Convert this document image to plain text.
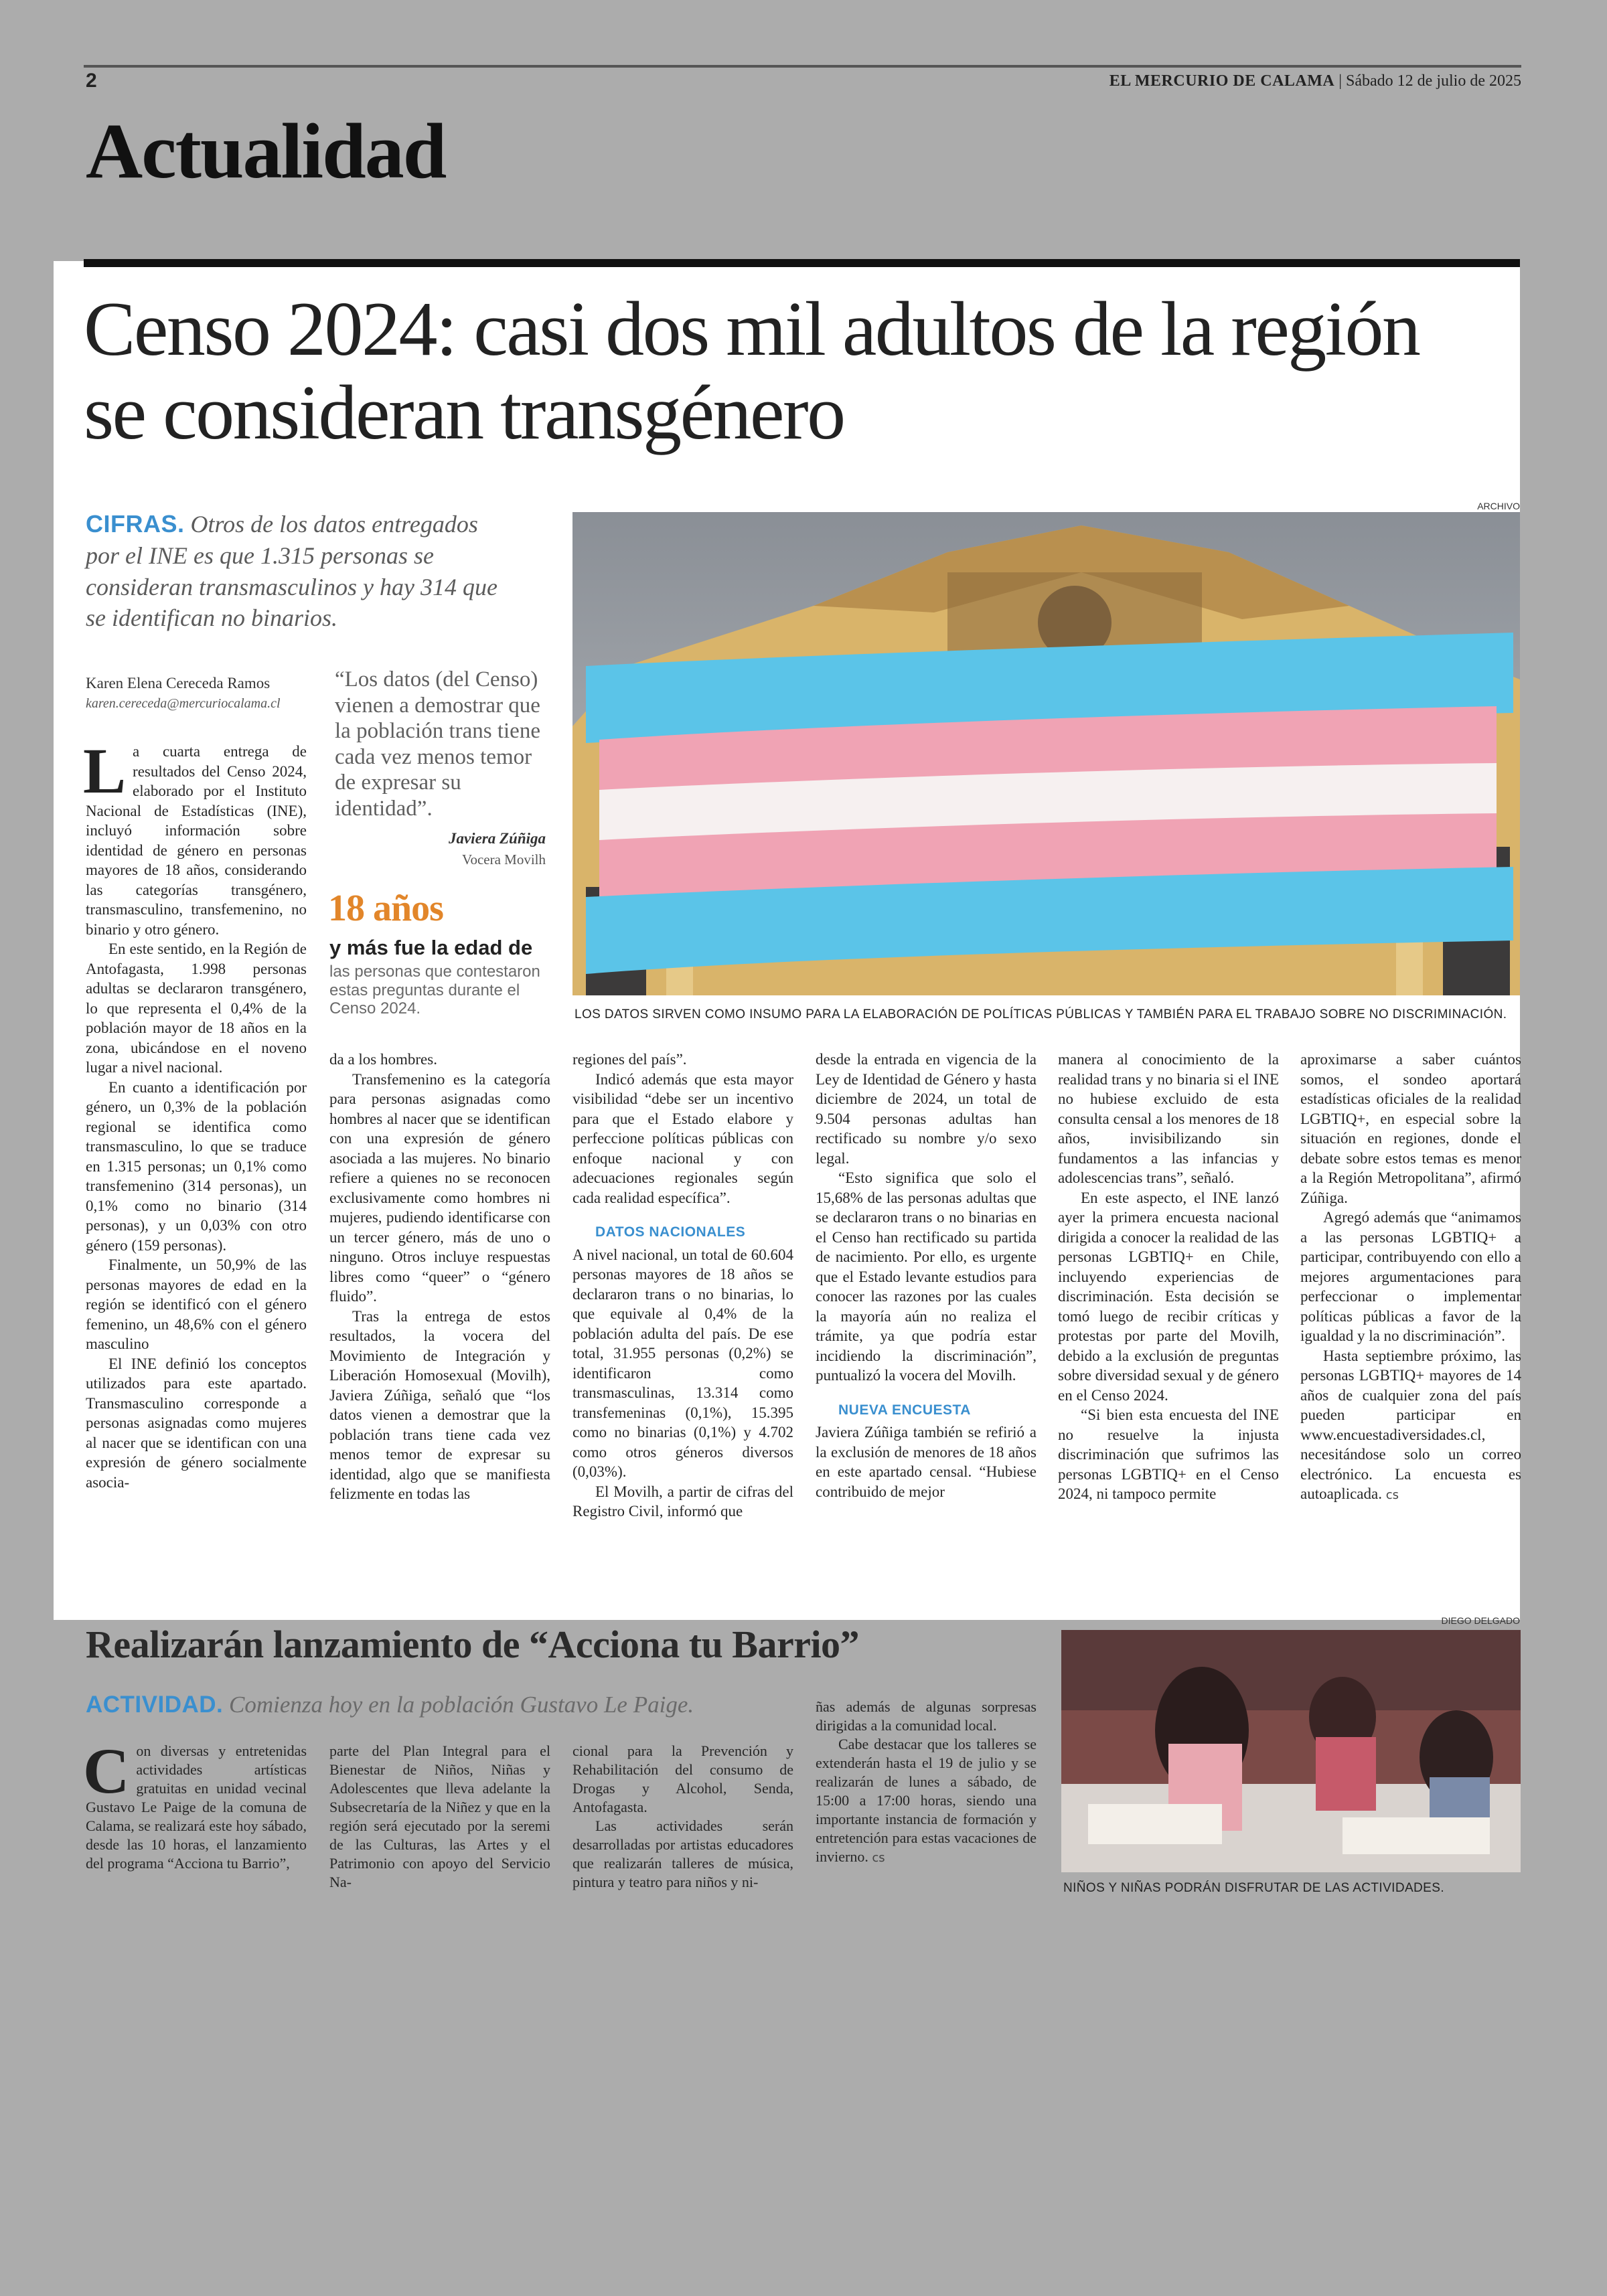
2	EL MERCURIO DE CALAMA | Sábado 12 de julio de 2025
Actualidad
Censo 2024: casi dos mil adultos de la región se consideran transgénero
CIFRAS. Otros de los datos entregados por el INE es que 1.315 personas se consideran transmasculinos y hay 314 que se identifican no binarios.
Karen Elena Cereceda Ramos
karen.cereceda@mercuriocalama.cl
“Los datos (del Censo) vienen a demostrar que la población trans tiene cada vez menos temor de expresar su identidad”.
Javiera Zúñiga
Vocera Movilh
18 años
y más fue la edad de
las personas que contestaron estas preguntas durante el Censo 2024.
ARCHIVO
LOS DATOS SIRVEN COMO INSUMO PARA LA ELABORACIÓN DE POLÍTICAS PÚBLICAS Y TAMBIÉN PARA EL TRABAJO SOBRE NO DISCRIMINACIÓN.

La cuarta entrega de resultados del Censo 2024, elaborado por el Instituto Nacional de Estadísticas (INE), incluyó información sobre identidad de género en personas mayores de 18 años, considerando las categorías transgénero, transmasculino, transfemenino, no binario y otro género.

En este sentido, en la Región de Antofagasta, 1.998 personas adultas se declararon transgénero, lo que representa el 0,4% de la población mayor de 18 años en la zona, ubicándose en el noveno lugar a nivel nacional.

En cuanto a identificación por género, un 0,3% de la población regional se identifica como transmasculino, lo que se traduce en 1.315 personas; un 0,1% como transfemenino (314 personas), un 0,1% como no binario (314 personas), y un 0,03% con otro género (159 personas).

Finalmente, un 50,9% de las personas mayores de edad en la región se identificó con el género femenino, un 48,6% con el género masculino

El INE definió los conceptos utilizados para este apartado. Transmasculino corresponde a personas asignadas como mujeres al nacer que se identifican con una expresión de género socialmente asocia-

da a los hombres.

Transfemenino es la categoría para personas asignadas como hombres al nacer que se identifican con una expresión de género asociada a las mujeres. No binario refiere a quienes no se reconocen exclusivamente como hombres ni mujeres, pudiendo identificarse con un tercer género, más de uno o ninguno. Otros incluye respuestas libres como “queer” o “género fluido”.

Tras la entrega de estos resultados, la vocera del Movimiento de Integración y Liberación Homosexual (Movilh), Javiera Zúñiga, señaló que “los datos vienen a demostrar que la población trans tiene cada vez menos temor de expresar su identidad, algo que se manifiesta felizmente en todas las

regiones del país”.

Indicó además que esta mayor visibilidad “debe ser un incentivo para que el Estado elabore y perfeccione políticas públicas con enfoque nacional y con adecuaciones regionales según cada realidad específica”.

DATOS NACIONALES

A nivel nacional, un total de 60.604 personas mayores de 18 años se declararon trans o no binarias, lo que equivale al 0,4% de la población adulta del país. De ese total, 31.955 personas (0,2%) se identificaron como transmasculinas, 13.314 como transfemeninas (0,1%), 15.395 como no binarias (0,1%) y 4.702 como otros géneros diversos (0,03%).

El Movilh, a partir de cifras del Registro Civil, informó que

desde la entrada en vigencia de la Ley de Identidad de Género y hasta diciembre de 2024, un total de 9.504 personas adultas han rectificado su nombre y/o sexo legal.

“Esto significa que solo el 15,68% de las personas adultas que se declararon trans o no binarias en el Censo han rectificado su partida de nacimiento. Por ello, es urgente que el Estado levante estudios para conocer las razones por las cuales la mayoría aún no realiza el trámite, ya que podría estar incidiendo la discriminación”, puntualizó la vocera del Movilh.

NUEVA ENCUESTA

Javiera Zúñiga también se refirió a la exclusión de menores de 18 años en este apartado censal. “Hubiese contribuido de mejor

manera al conocimiento de la realidad trans y no binaria si el INE no hubiese excluido de esta consulta censal a los menores de 18 años, invisibilizando sin fundamentos a las infancias y adolescencias trans”, señaló.

En este aspecto, el INE lanzó ayer la primera encuesta nacional dirigida a conocer la realidad de las personas LGBTIQ+ en Chile, incluyendo experiencias de discriminación. Esta decisión se tomó luego de recibir críticas y protestas por parte del Movilh, debido a la exclusión de preguntas sobre diversidad sexual y de género en el Censo 2024.

“Si bien esta encuesta del INE no resuelve la injusta discriminación que sufrimos las personas LGBTIQ+ en el Censo 2024, ni tampoco permite

aproximarse a saber cuántos somos, el sondeo aportará estadísticas oficiales de la realidad LGBTIQ+, en especial sobre la situación en regiones, donde el debate sobre estos temas es menor a la Región Metropolitana”, afirmó Zúñiga.

Agregó además que “animamos a las personas LGBTIQ+ a participar, contribuyendo con ello a mejores argumentaciones para perfeccionar o implementar políticas públicas a favor de la igualdad y la no discriminación”.

Hasta septiembre próximo, las personas LGBTIQ+ mayores de 14 años de cualquier zona del país pueden participar en www.encuestadiversidades.cl, necesitándose solo un correo electrónico. La encuesta es autoaplicada. cs

Realizarán lanzamiento de “Acciona tu Barrio”
ACTIVIDAD. Comienza hoy en la población Gustavo Le Paige.
DIEGO DELGADO
NIÑOS Y NIÑAS PODRÁN DISFRUTAR DE LAS ACTIVIDADES.

Con diversas y entretenidas actividades artísticas gratuitas en unidad vecinal Gustavo Le Paige de la comuna de Calama, se realizará este hoy sábado, desde las 10 horas, el lanzamiento del programa “Acciona tu Barrio”,

parte del Plan Integral para el Bienestar de Niños, Niñas y Adolescentes que lleva adelante la Subsecretaría de la Niñez y que en la región será ejecutado por la seremi de las Culturas, las Artes y el Patrimonio con apoyo del Servicio Na-

cional para la Prevención y Rehabilitación del consumo de Drogas y Alcohol, Senda, Antofagasta.

Las actividades serán desarrolladas por artistas educadores que realizarán talleres de música, pintura y teatro para niños y ni-

ñas además de algunas sorpresas dirigidas a la comunidad local.

Cabe destacar que los talleres se extenderán hasta el 19 de julio y se realizarán de lunes a sábado, de 15:00 a 17:00 horas, siendo una importante instancia de formación y entretención para estas vacaciones de invierno. cs
